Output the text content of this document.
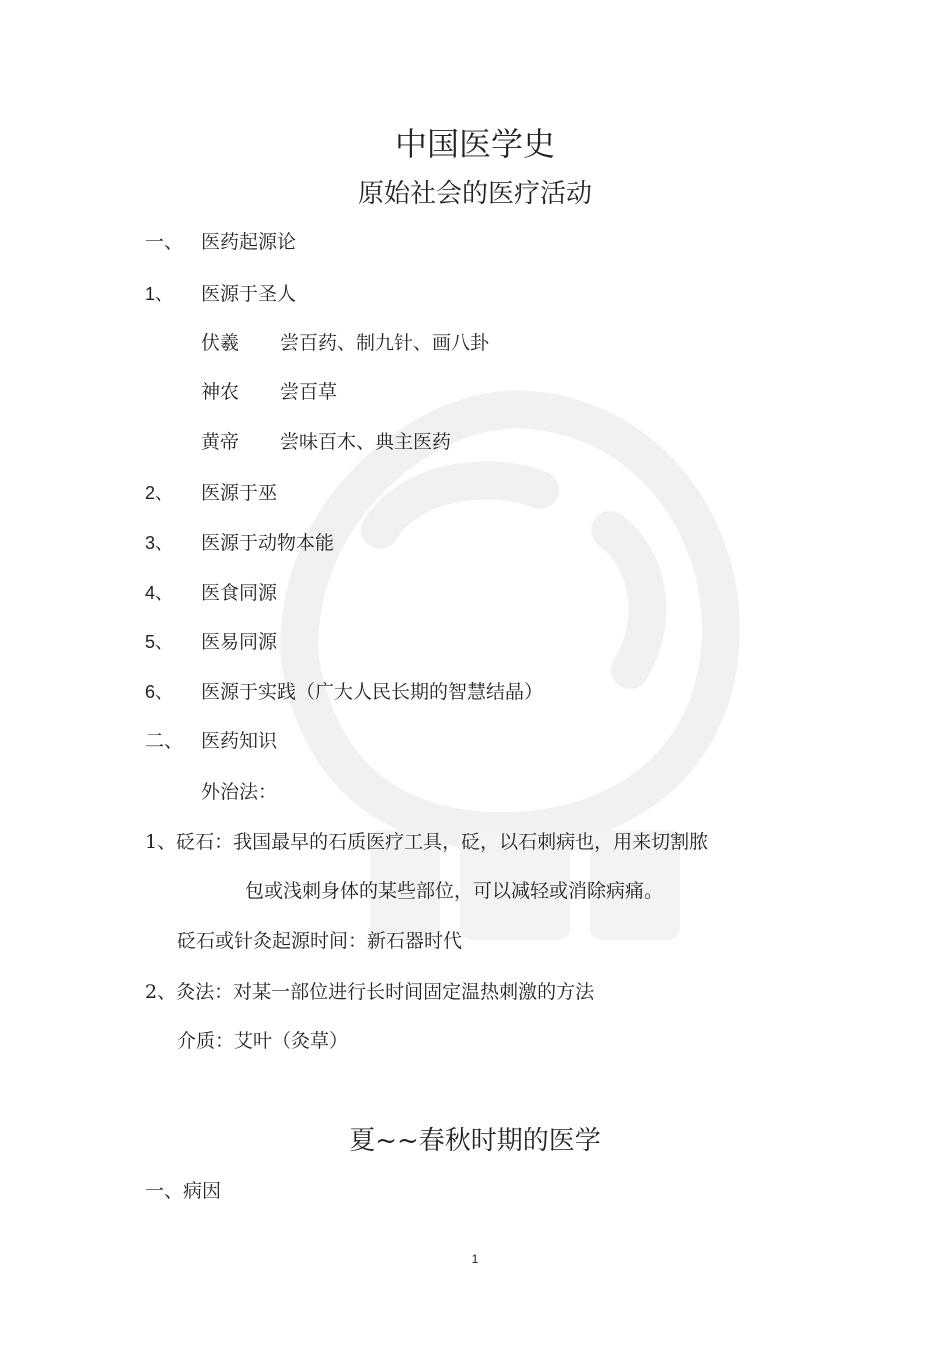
中国医学史
原始社会的医疗活动
一、 医药起源论
1、 医源于圣人
伏羲 尝百药、制九针、画八卦
神农 尝百草
黄帝 尝味百木、典主医药
2、 医源于巫
3、 医源于动物本能
4、 医食同源
5、 医易同源
6、 医源于实践（广大人民长期的智慧结晶）
二、 医药知识
外治法：
1、砭石：我国最早的石质医疗工具，砭，以石刺病也，用来切割脓
包或浅刺身体的某些部位，可以减轻或消除病痛。
砭石或针灸起源时间：新石器时代
2、灸法：对某一部位进行长时间固定温热刺激的方法
介质：艾叶（灸草）
夏~~春秋时期的医学
一、病因
1
